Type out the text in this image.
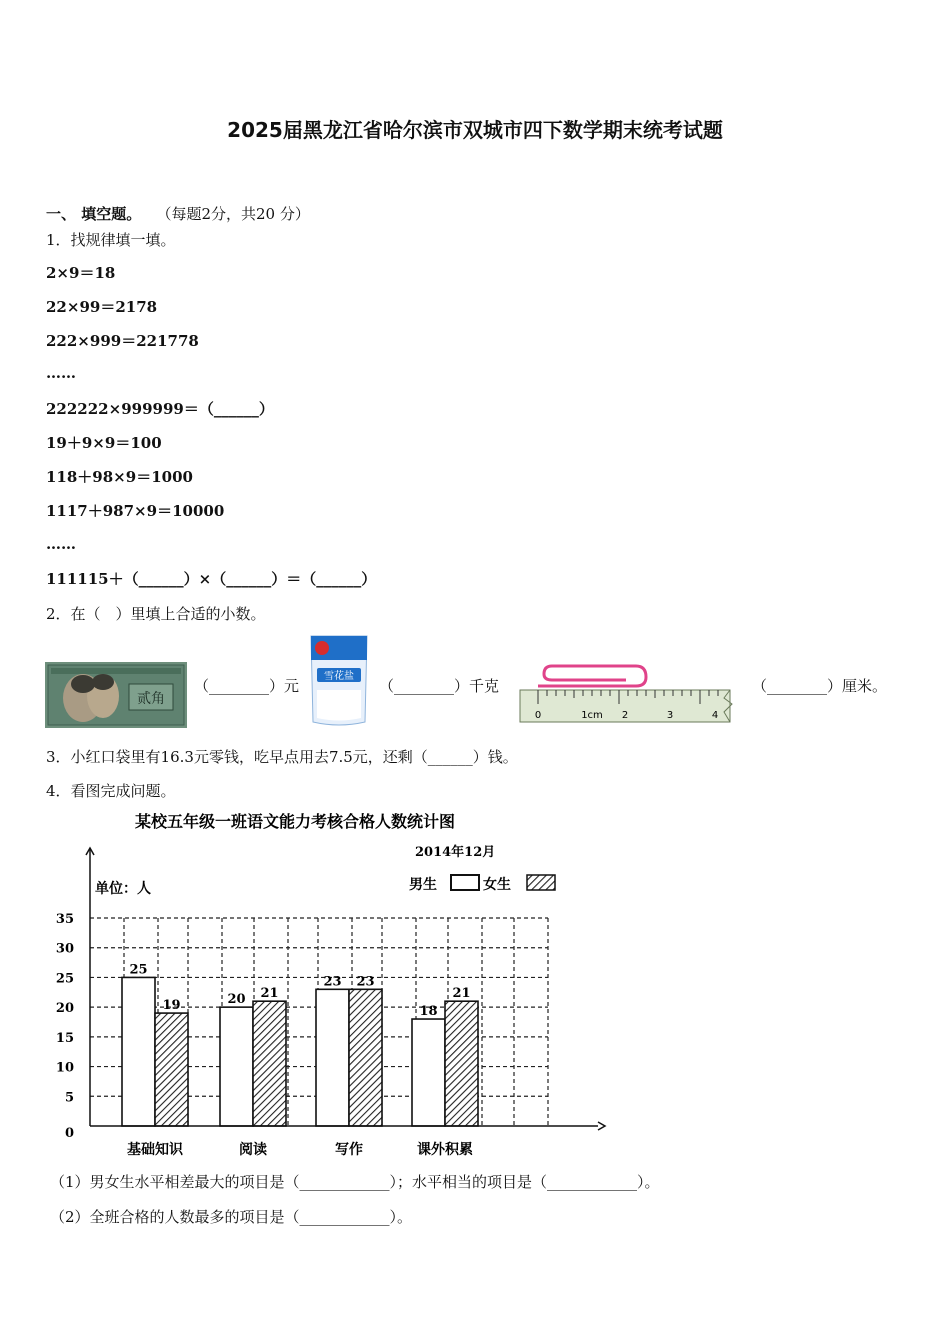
2025届黑龙江省哈尔滨市双城市四下数学期末统考试题
一、 填空题。 （每题2分，共20 分）
1．找规律填一填。
2×9＝18
22×99＝2178
222×999＝221778
……
222222×999999＝（______）
19＋9×9＝100
118＋98×9＝1000
1117＋987×9＝10000
……
111115＋（______）×（______）＝（______）
2．在（　）里填上合适的小数。
贰角
（________）元
雪花盐
（________）千克
0	1cm 2	3	4
（________）厘米。
3．小红口袋里有16.3元零钱，吃早点用去7.5元，还剩（______）钱。
4．看图完成问题。
某校五年级一班语文能力考核合格人数统计图
2014年12月
单位：人	男生	女生
0
5
10
15
20
25
30
35
25
19	20 21
23 23
18
21
基础知识	阅读	写作	课外积累
（1）男女生水平相差最大的项目是（____________）；水平相当的项目是（____________）。
（2）全班合格的人数最多的项目是（____________）。
